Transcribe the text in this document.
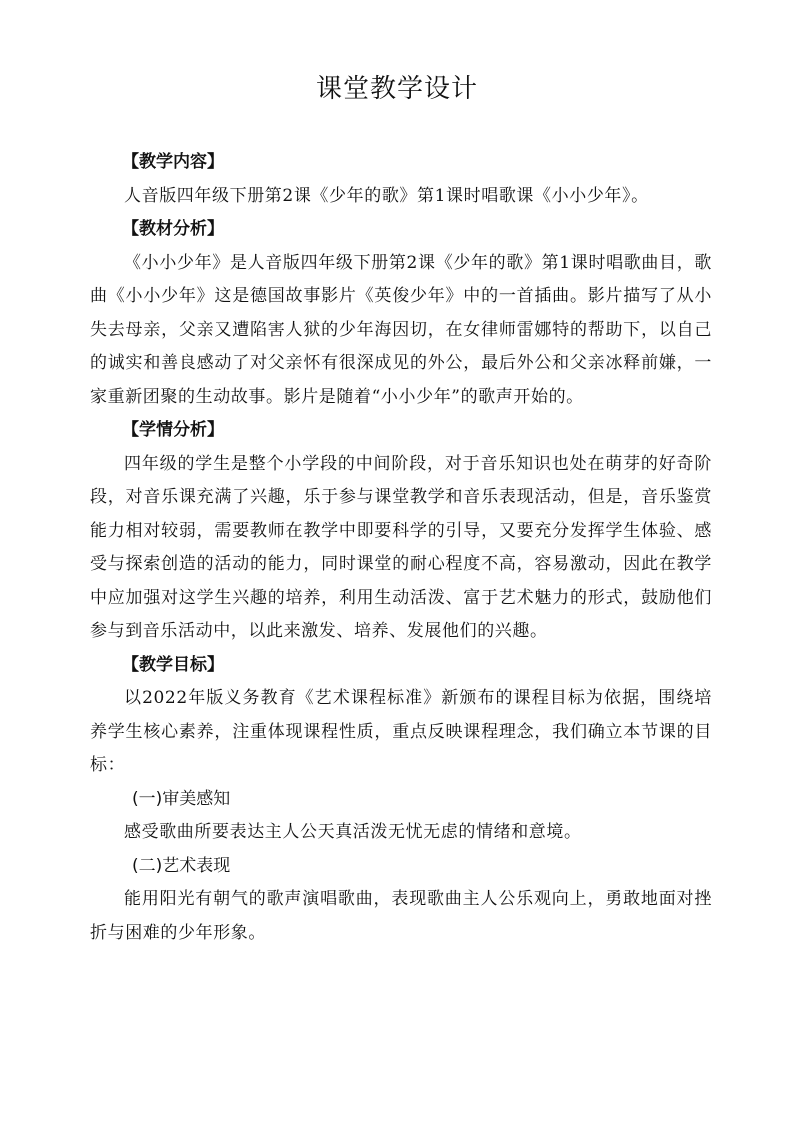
课堂教学设计

【教学内容】

人音版四年级下册第2课《少年的歌》第1课时唱歌课《小小少年》。

【教材分析】

《小小少年》是人音版四年级下册第2课《少年的歌》第1课时唱歌曲目，歌曲《小小少年》这是德国故事影片《英俊少年》中的一首插曲。影片描写了从小失去母亲，父亲又遭陷害人狱的少年海因切，在女律师雷娜特的帮助下，以自己的诚实和善良感动了对父亲怀有很深成见的外公，最后外公和父亲冰释前嫌，一家重新团聚的生动故事。影片是随着“小小少年”的歌声开始的。

【学情分析】

四年级的学生是整个小学段的中间阶段，对于音乐知识也处在萌芽的好奇阶段，对音乐课充满了兴趣，乐于参与课堂教学和音乐表现活动，但是，音乐鉴赏能力相对较弱，需要教师在教学中即要科学的引导，又要充分发挥学生体验、感受与探索创造的活动的能力，同时课堂的耐心程度不高，容易激动，因此在教学中应加强对这学生兴趣的培养，利用生动活泼、富于艺术魅力的形式，鼓励他们参与到音乐活动中，以此来激发、培养、发展他们的兴趣。

【教学目标】

以2022年版义务教育《艺术课程标准》新颁布的课程目标为依据，围绕培养学生核心素养，注重体现课程性质，重点反映课程理念，我们确立本节课的目标：

(一)审美感知

感受歌曲所要表达主人公天真活泼无忧无虑的情绪和意境。

(二)艺术表现

能用阳光有朝气的歌声演唱歌曲，表现歌曲主人公乐观向上，勇敢地面对挫折与困难的少年形象。
